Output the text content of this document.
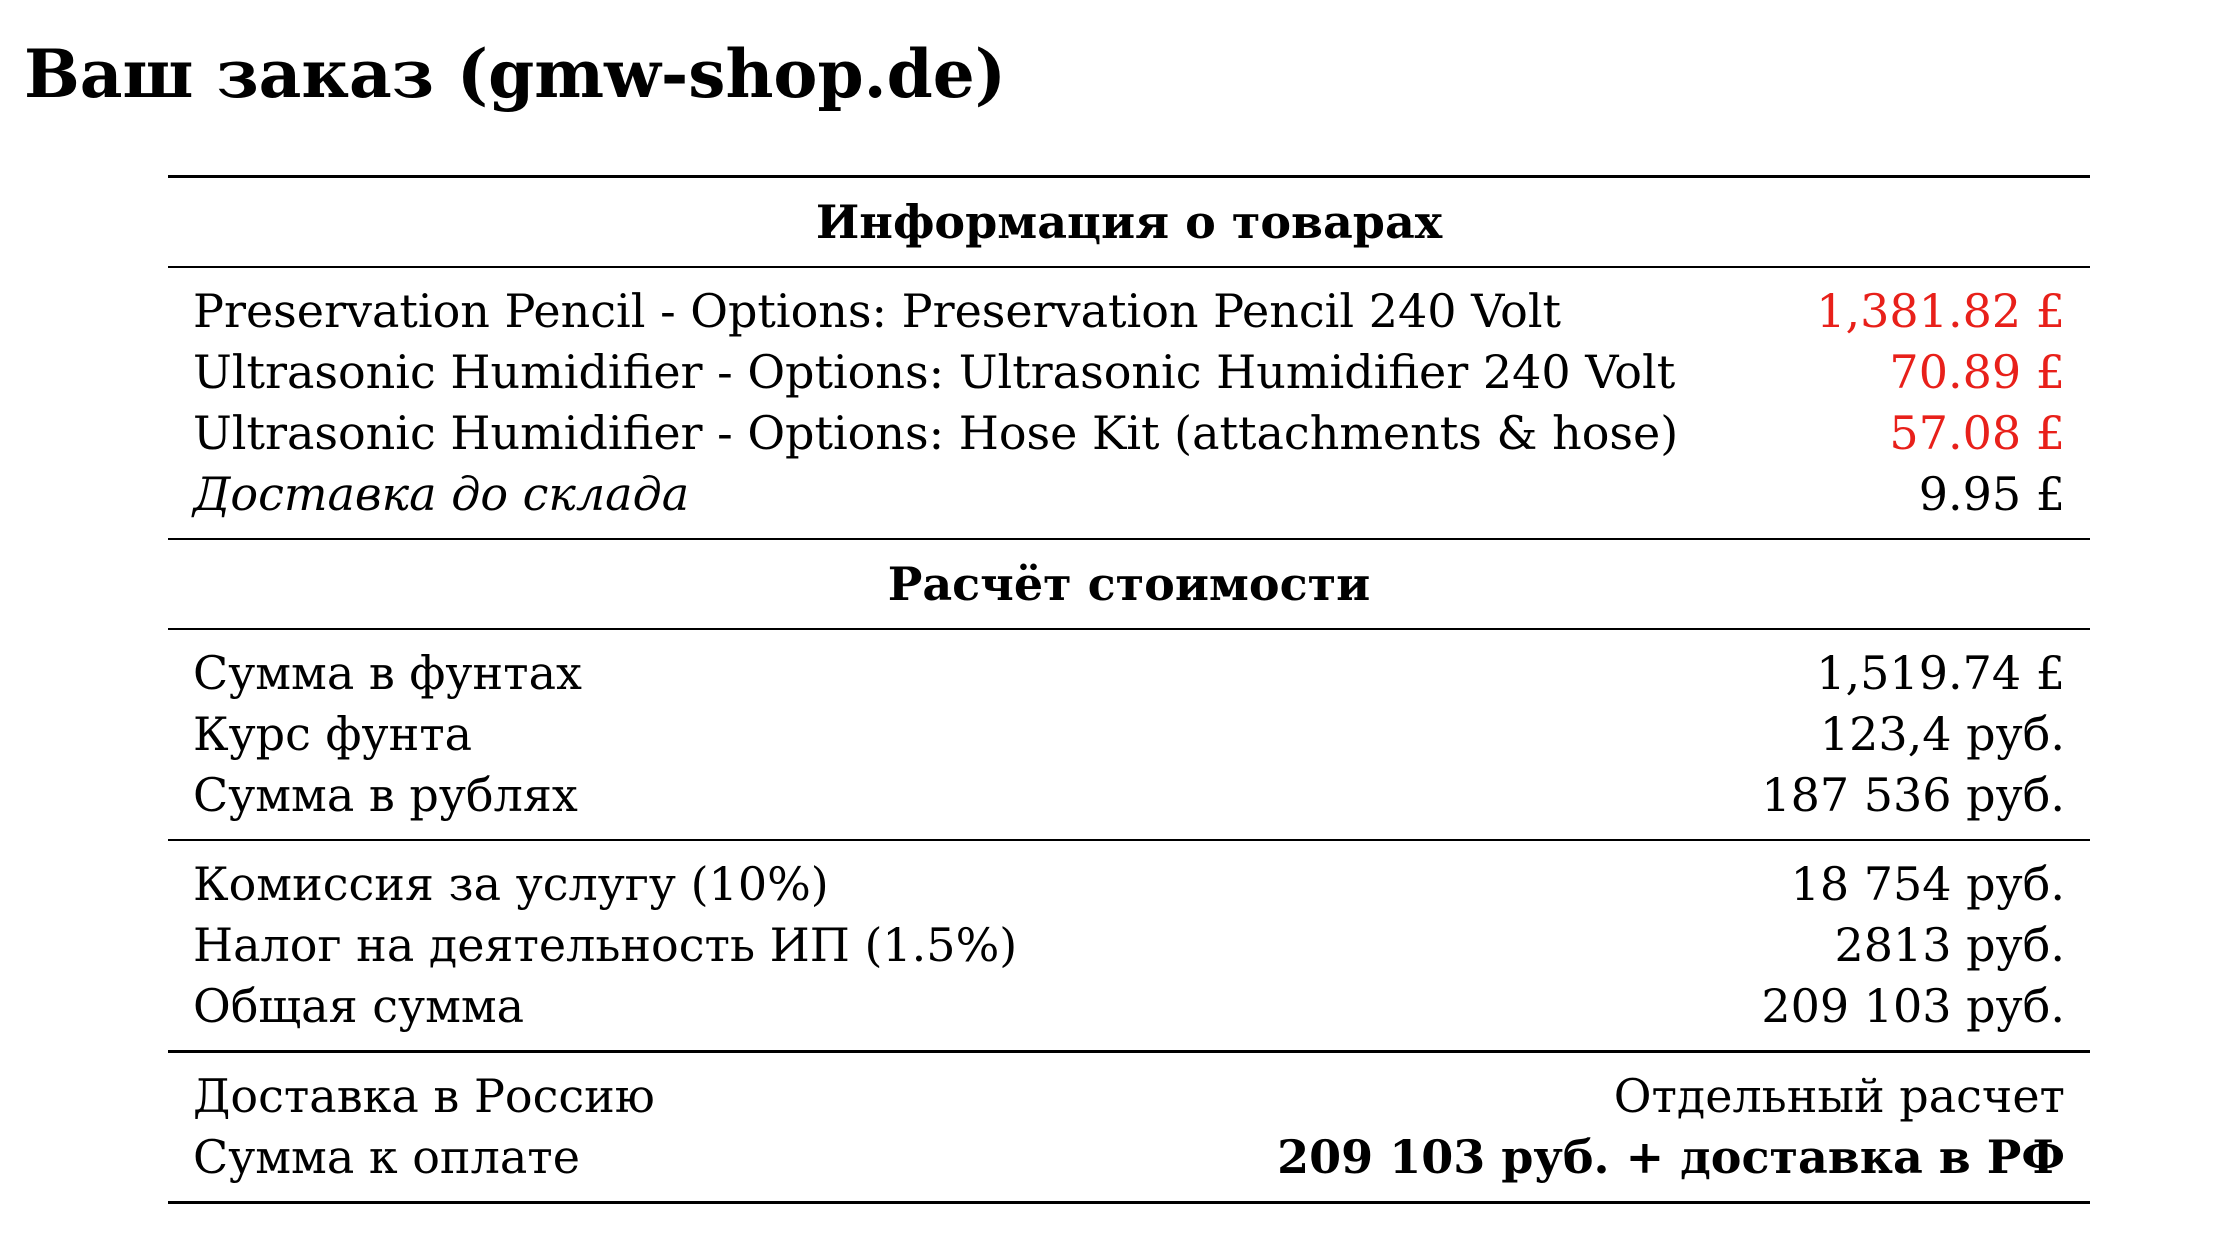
Ваш заказ (gmw-shop.de)
Информация о товарах
Preservation Pencil - Options: Preservation Pencil 240 Volt	1,381.82 £
Ultrasonic Humidifier - Options: Ultrasonic Humidifier 240 Volt	70.89 £
Ultrasonic Humidifier - Options: Hose Kit (attachments & hose)	57.08 £
Доставка до склада	9.95 £
Расчёт стоимости
Сумма в фунтах	1,519.74 £
Курс фунта	123,4 руб.
Сумма в рублях	187 536 руб.
Комиссия за услугу (10%)	18 754 руб.
Налог на деятельность ИП (1.5%)	2813 руб.
Общая сумма	209 103 руб.
Доставка в Россию	Отдельный расчет
Сумма к оплате	209 103 руб. + доставка в РФ
